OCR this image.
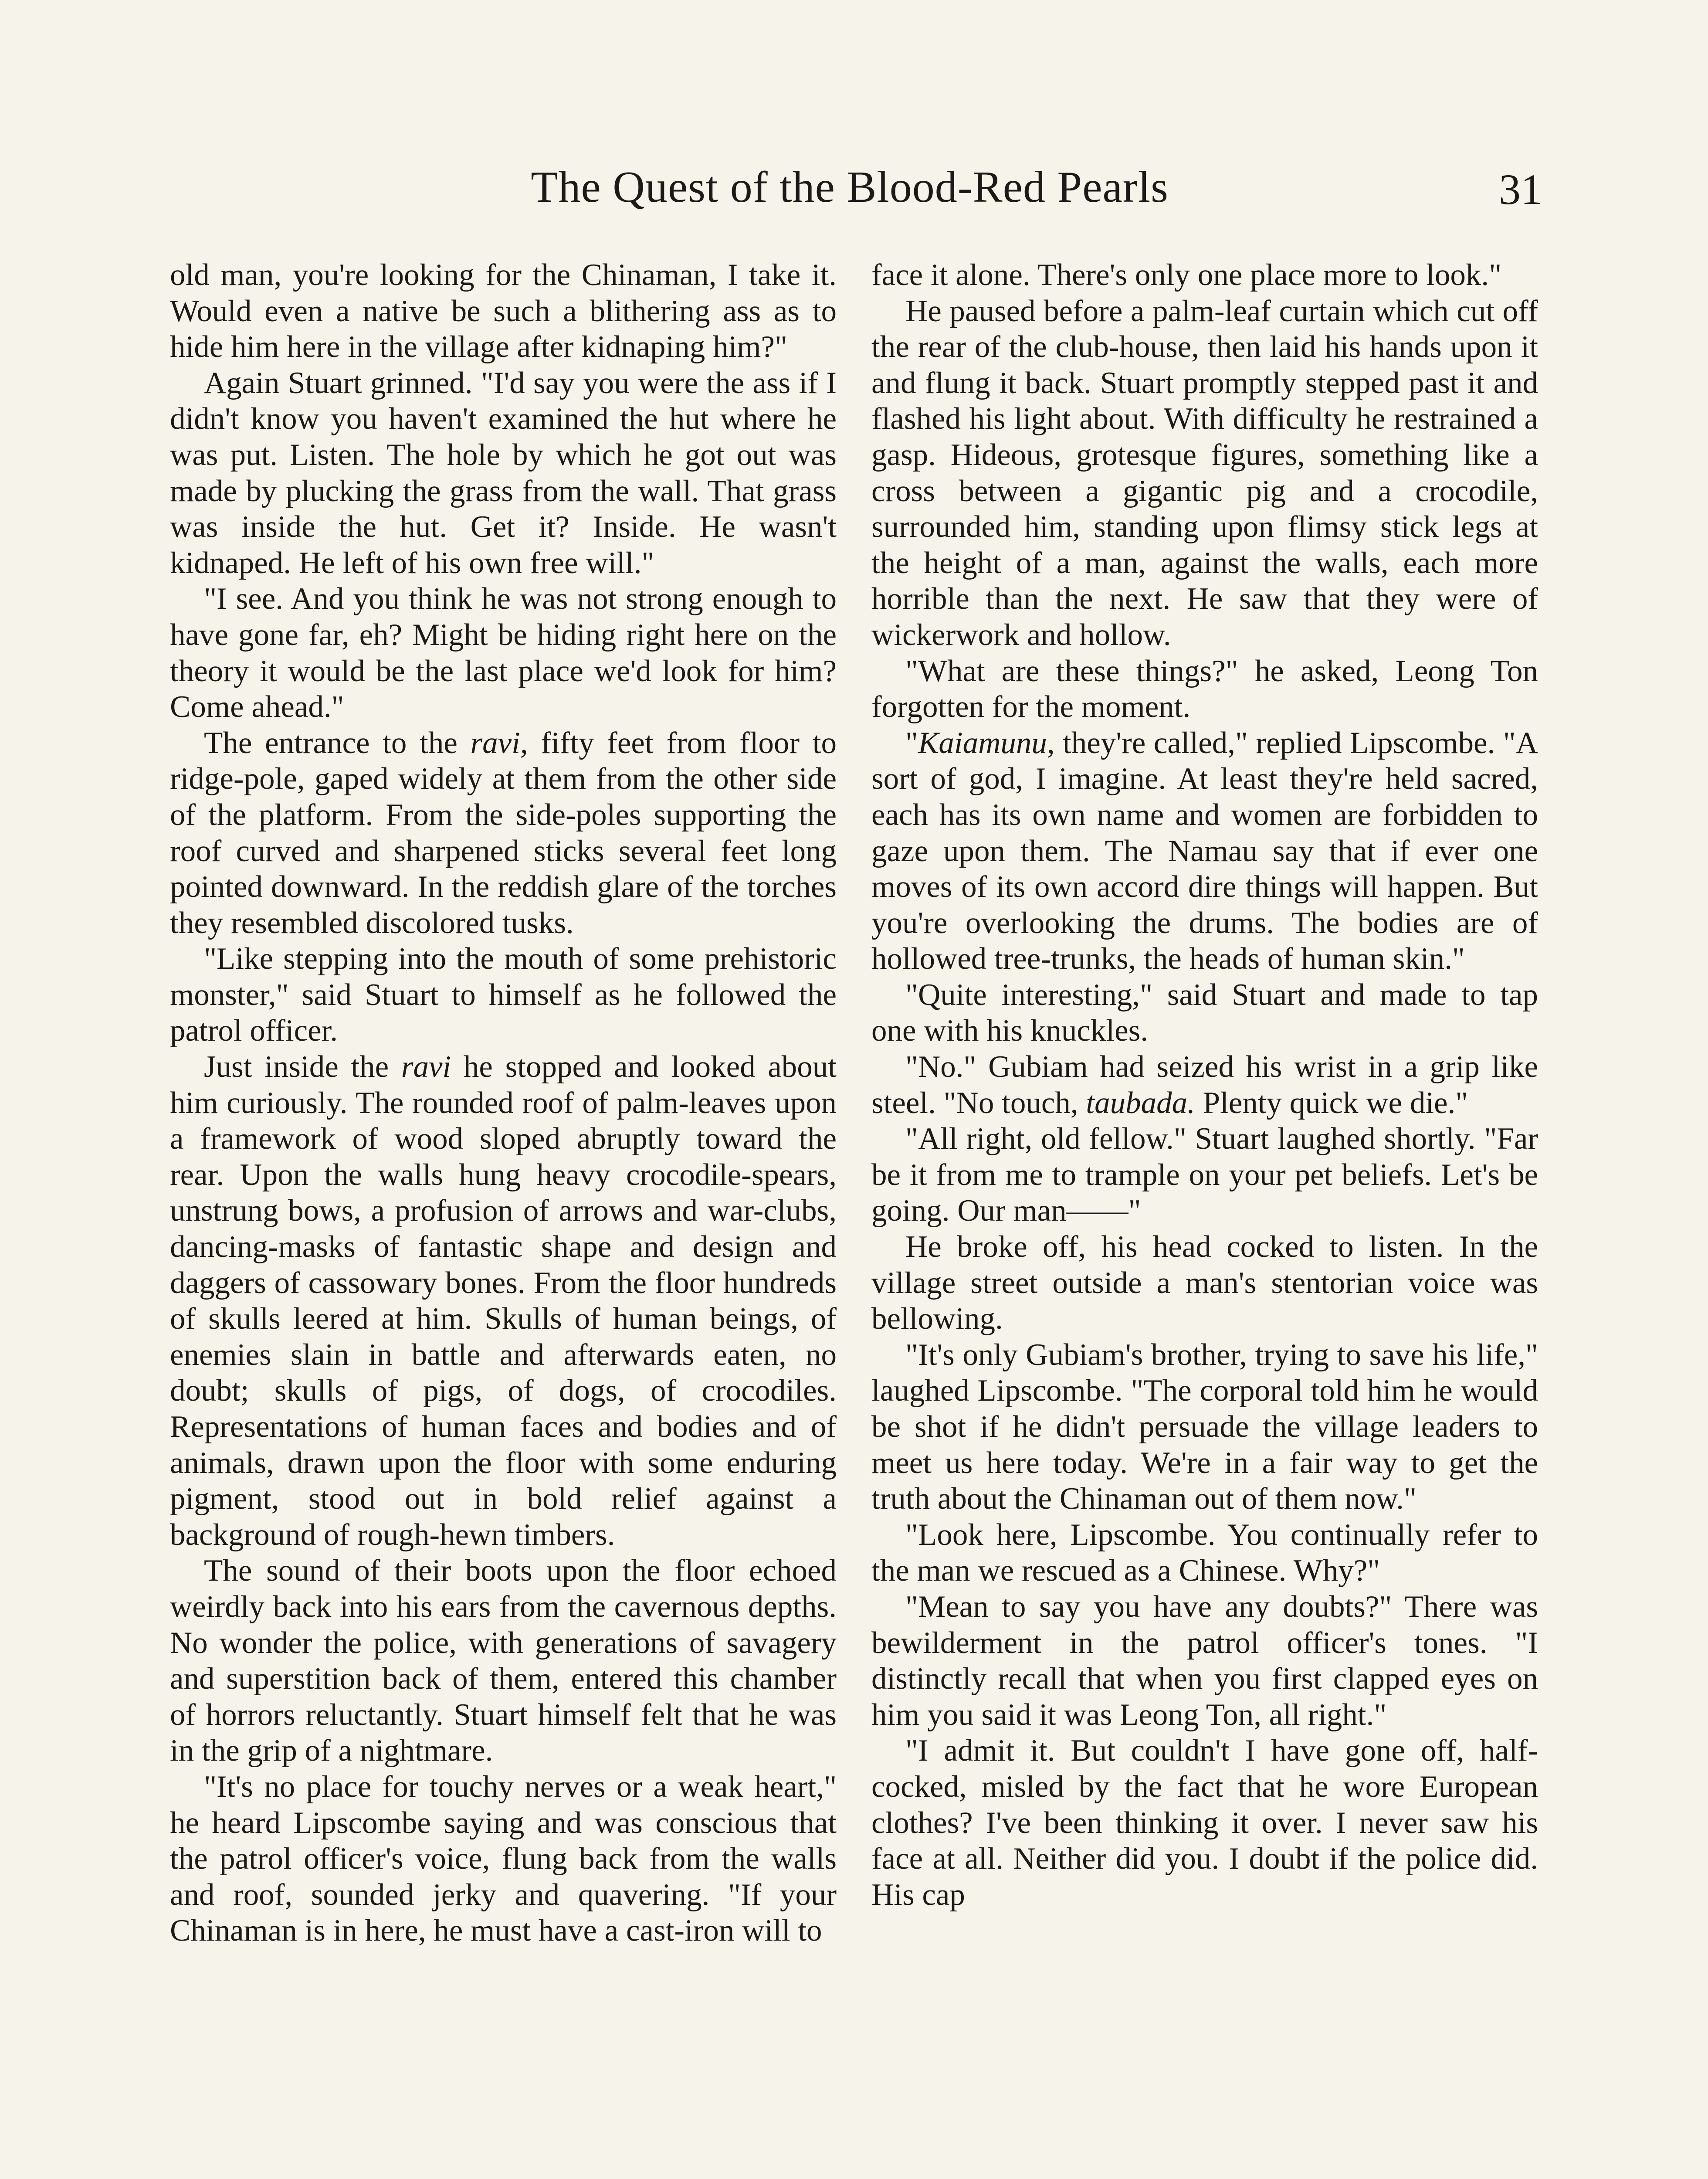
The Quest of the Blood-Red Pearls	31

old man, you're looking for the Chinaman, I take it. Would even a native be such a blithering ass as to hide him here in the village after kidnaping him?"

Again Stuart grinned. "I'd say you were the ass if I didn't know you haven't examined the hut where he was put. Listen. The hole by which he got out was made by plucking the grass from the wall. That grass was inside the hut. Get it? Inside. He wasn't kidnaped. He left of his own free will."

"I see. And you think he was not strong enough to have gone far, eh? Might be hiding right here on the theory it would be the last place we'd look for him? Come ahead."

The entrance to the ravi, fifty feet from floor to ridge-pole, gaped widely at them from the other side of the platform. From the side-poles supporting the roof curved and sharpened sticks several feet long pointed downward. In the reddish glare of the torches they resembled discolored tusks.

"Like stepping into the mouth of some prehistoric monster," said Stuart to himself as he followed the patrol officer.

Just inside the ravi he stopped and looked about him curiously. The rounded roof of palm-leaves upon a framework of wood sloped abruptly toward the rear. Upon the walls hung heavy crocodile-spears, unstrung bows, a profusion of arrows and war-clubs, dancing-masks of fantastic shape and design and daggers of cassowary bones. From the floor hundreds of skulls leered at him. Skulls of human beings, of enemies slain in battle and afterwards eaten, no doubt; skulls of pigs, of dogs, of crocodiles. Representations of human faces and bodies and of animals, drawn upon the floor with some enduring pigment, stood out in bold relief against a background of rough-hewn timbers.

The sound of their boots upon the floor echoed weirdly back into his ears from the cavernous depths. No wonder the police, with generations of savagery and superstition back of them, entered this chamber of horrors reluctantly. Stuart himself felt that he was in the grip of a nightmare.

"It's no place for touchy nerves or a weak heart," he heard Lipscombe saying and was conscious that the patrol officer's voice, flung back from the walls and roof, sounded jerky and quavering. "If your Chinaman is in here, he must have a cast-iron will to

face it alone. There's only one place more to look."

He paused before a palm-leaf curtain which cut off the rear of the club-house, then laid his hands upon it and flung it back. Stuart promptly stepped past it and flashed his light about. With difficulty he restrained a gasp. Hideous, grotesque figures, something like a cross between a gigantic pig and a crocodile, surrounded him, standing upon flimsy stick legs at the height of a man, against the walls, each more horrible than the next. He saw that they were of wickerwork and hollow.

"What are these things?" he asked, Leong Ton forgotten for the moment.

"Kaiamunu, they're called," replied Lipscombe. "A sort of god, I imagine. At least they're held sacred, each has its own name and women are forbidden to gaze upon them. The Namau say that if ever one moves of its own accord dire things will happen. But you're overlooking the drums. The bodies are of hollowed tree-trunks, the heads of human skin."

"Quite interesting," said Stuart and made to tap one with his knuckles.

"No." Gubiam had seized his wrist in a grip like steel. "No touch, taubada. Plenty quick we die."

"All right, old fellow." Stuart laughed shortly. "Far be it from me to trample on your pet beliefs. Let's be going. Our man——"

He broke off, his head cocked to listen. In the village street outside a man's stentorian voice was bellowing.

"It's only Gubiam's brother, trying to save his life," laughed Lipscombe. "The corporal told him he would be shot if he didn't persuade the village leaders to meet us here today. We're in a fair way to get the truth about the Chinaman out of them now."

"Look here, Lipscombe. You continually refer to the man we rescued as a Chinese. Why?"

"Mean to say you have any doubts?" There was bewilderment in the patrol officer's tones. "I distinctly recall that when you first clapped eyes on him you said it was Leong Ton, all right."

"I admit it. But couldn't I have gone off, half-cocked, misled by the fact that he wore European clothes? I've been thinking it over. I never saw his face at all. Neither did you. I doubt if the police did. His cap
